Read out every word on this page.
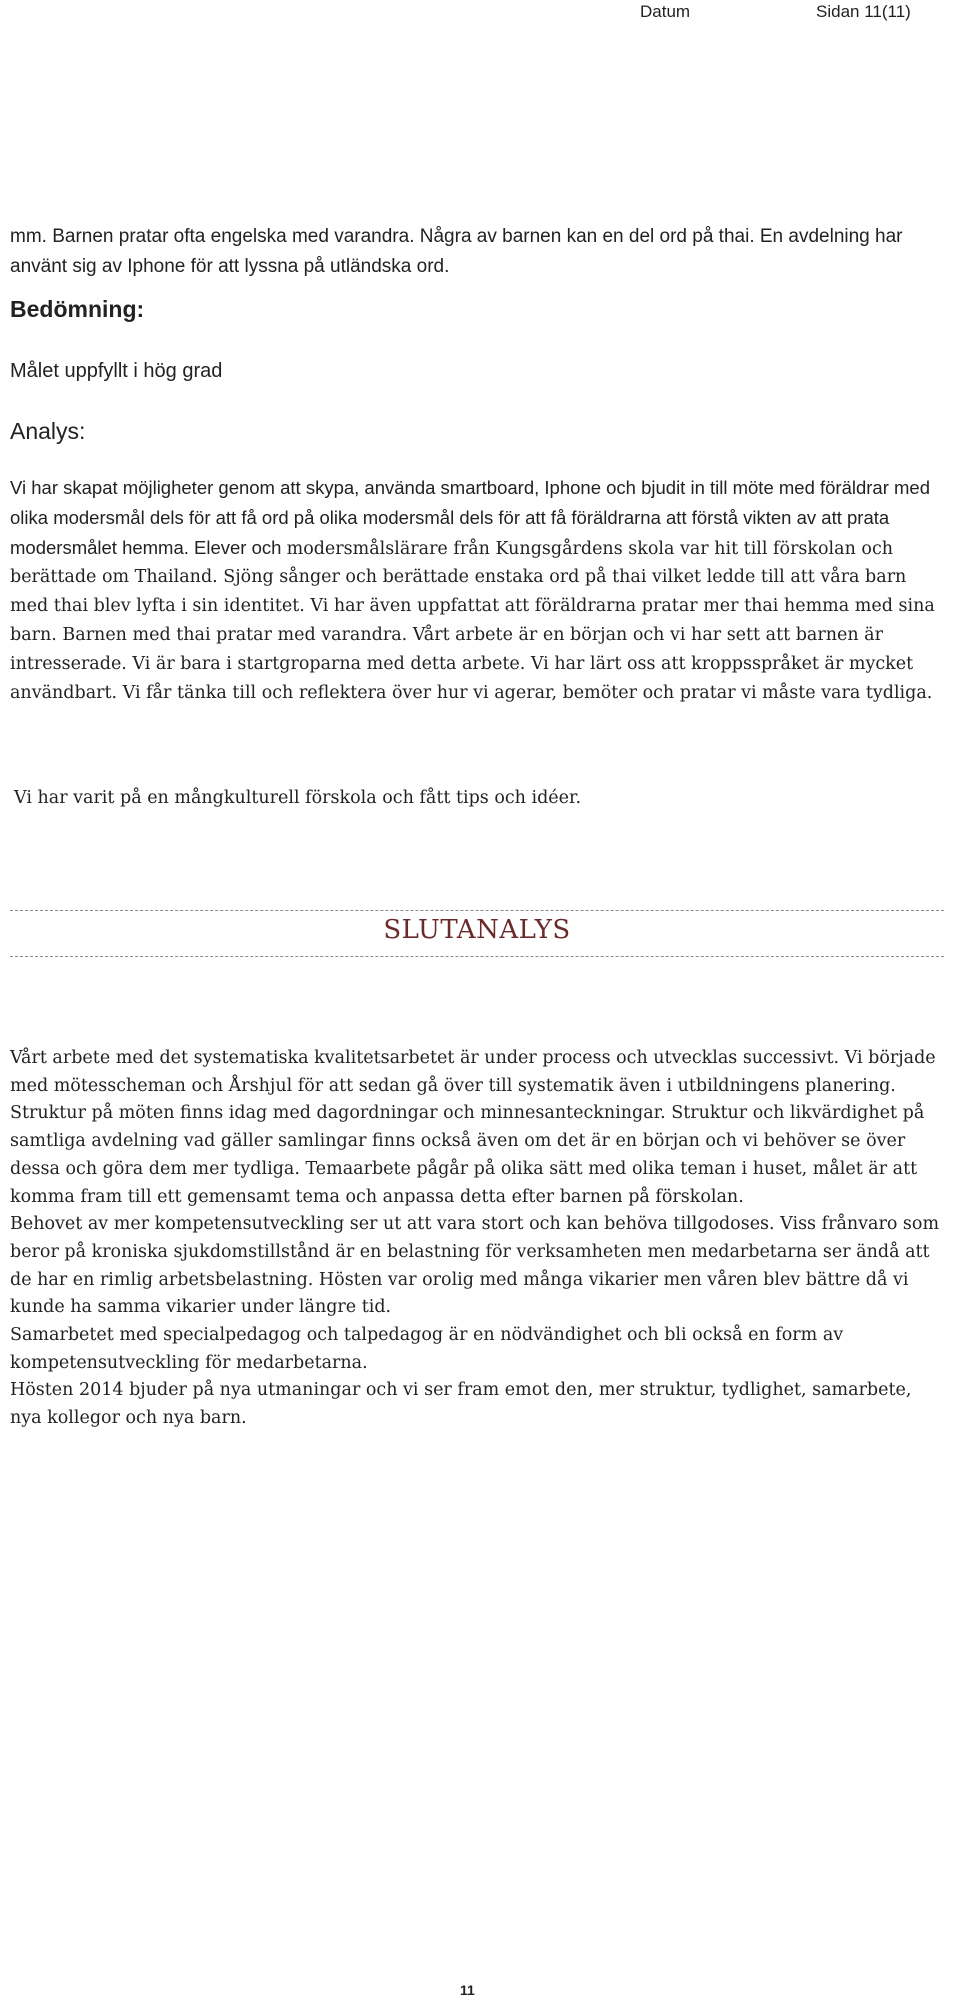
Datum	Sidan 11(11)

mm. Barnen pratar ofta engelska med varandra. Några av barnen kan en del ord på thai. En avdelning har använt sig av Iphone för att lyssna på utländska ord.

Bedömning:

Målet uppfyllt i hög grad

Analys:

Vi har skapat möjligheter genom att skypa, använda smartboard, Iphone och bjudit in till möte med föräldrar med olika modersmål dels för att få ord på olika modersmål dels för att få föräldrarna att förstå vikten av att prata modersmålet hemma. Elever och modersmålslärare från Kungsgårdens skola var hit till förskolan och berättade om Thailand. Sjöng sånger och berättade enstaka ord på thai vilket ledde till att våra barn med thai blev lyfta i sin identitet. Vi har även uppfattat att föräldrarna pratar mer thai hemma med sina barn. Barnen med thai pratar med varandra. Vårt arbete är en början och vi har sett att barnen är intresserade. Vi är bara i startgroparna med detta arbete. Vi har lärt oss att kroppsspråket är mycket användbart. Vi får tänka till och reflektera över hur vi agerar, bemöter och pratar vi måste vara tydliga.

Vi har varit på en mångkulturell förskola och fått tips och idéer.

SLUTANALYS
Vårt arbete med det systematiska kvalitetsarbetet är under process och utvecklas successivt. Vi började med mötesscheman och Årshjul för att sedan gå över till systematik även i utbildningens planering. Struktur på möten finns idag med dagordningar och minnesanteckningar. Struktur och likvärdighet på samtliga avdelning vad gäller samlingar finns också även om det är en början och vi behöver se över dessa och göra dem mer tydliga. Temaarbete pågår på olika sätt med olika teman i huset, målet är att komma fram till ett gemensamt tema och anpassa detta efter barnen på förskolan.
Behovet av mer kompetensutveckling ser ut att vara stort och kan behöva tillgodoses. Viss frånvaro som beror på kroniska sjukdomstillstånd är en belastning för verksamheten men medarbetarna ser ändå att de har en rimlig arbetsbelastning. Hösten var orolig med många vikarier men våren blev bättre då vi kunde ha samma vikarier under längre tid.
Samarbetet med specialpedagog och talpedagog är en nödvändighet och bli också en form av kompetensutveckling för medarbetarna.
Hösten 2014 bjuder på nya utmaningar och vi ser fram emot den, mer struktur, tydlighet, samarbete, nya kollegor och nya barn.
11
